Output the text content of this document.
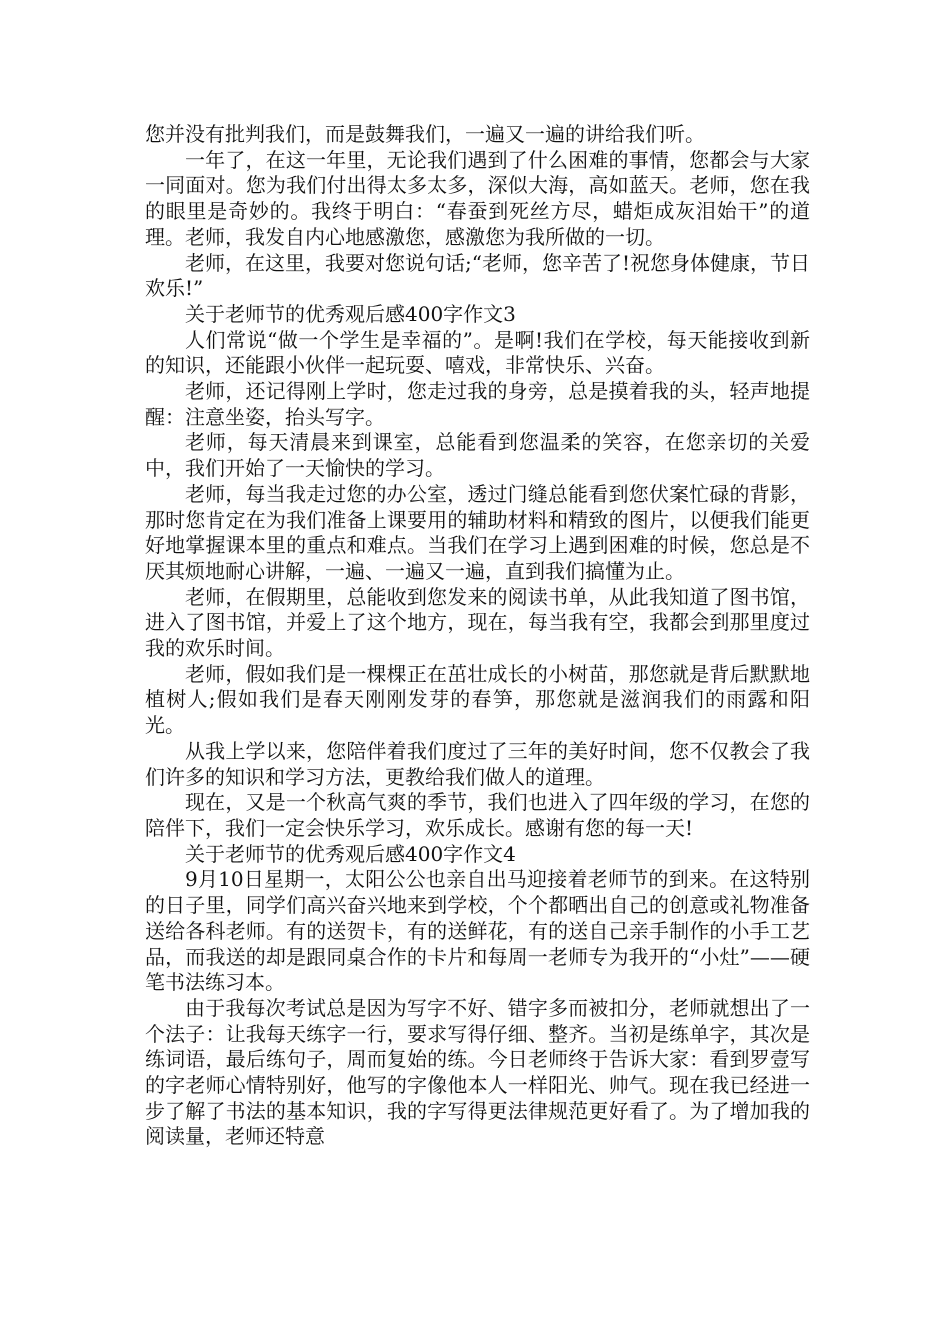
您并没有批判我们，而是鼓舞我们，一遍又一遍的讲给我们听。

一年了，在这一年里，无论我们遇到了什么困难的事情，您都会与大家一同面对。您为我们付出得太多太多，深似大海，高如蓝天。老师，您在我的眼里是奇妙的。我终于明白：“春蚕到死丝方尽，蜡炬成灰泪始干”的道理。老师，我发自内心地感激您，感激您为我所做的一切。

老师，在这里，我要对您说句话;“老师，您辛苦了!祝您身体健康，节日欢乐!”

关于老师节的优秀观后感400字作文3

人们常说“做一个学生是幸福的”。是啊!我们在学校，每天能接收到新的知识，还能跟小伙伴一起玩耍、嘻戏，非常快乐、兴奋。

老师，还记得刚上学时，您走过我的身旁，总是摸着我的头，轻声地提醒：注意坐姿，抬头写字。

老师，每天清晨来到课室，总能看到您温柔的笑容，在您亲切的关爱中，我们开始了一天愉快的学习。

老师，每当我走过您的办公室，透过门缝总能看到您伏案忙碌的背影，那时您肯定在为我们准备上课要用的辅助材料和精致的图片，以便我们能更好地掌握课本里的重点和难点。当我们在学习上遇到困难的时候，您总是不厌其烦地耐心讲解，一遍、一遍又一遍，直到我们搞懂为止。

老师，在假期里，总能收到您发来的阅读书单，从此我知道了图书馆，进入了图书馆，并爱上了这个地方，现在，每当我有空，我都会到那里度过我的欢乐时间。

老师，假如我们是一棵棵正在茁壮成长的小树苗，那您就是背后默默地植树人;假如我们是春天刚刚发芽的春笋，那您就是滋润我们的雨露和阳光。

从我上学以来，您陪伴着我们度过了三年的美好时间，您不仅教会了我们许多的知识和学习方法，更教给我们做人的道理。

现在，又是一个秋高气爽的季节，我们也进入了四年级的学习，在您的陪伴下，我们一定会快乐学习，欢乐成长。感谢有您的每一天!

关于老师节的优秀观后感400字作文4

9月10日星期一，太阳公公也亲自出马迎接着老师节的到来。在这特别的日子里，同学们高兴奋兴地来到学校，个个都晒出自己的创意或礼物准备送给各科老师。有的送贺卡，有的送鲜花，有的送自己亲手制作的小手工艺品，而我送的却是跟同桌合作的卡片和每周一老师专为我开的“小灶”——硬笔书法练习本。

由于我每次考试总是因为写字不好、错字多而被扣分，老师就想出了一个法子：让我每天练字一行，要求写得仔细、整齐。当初是练单字，其次是练词语，最后练句子，周而复始的练。今日老师终于告诉大家：看到罗壹写的字老师心情特别好，他写的字像他本人一样阳光、帅气。现在我已经进一步了解了书法的基本知识，我的字写得更法律规范更好看了。为了增加我的阅读量，老师还特意
